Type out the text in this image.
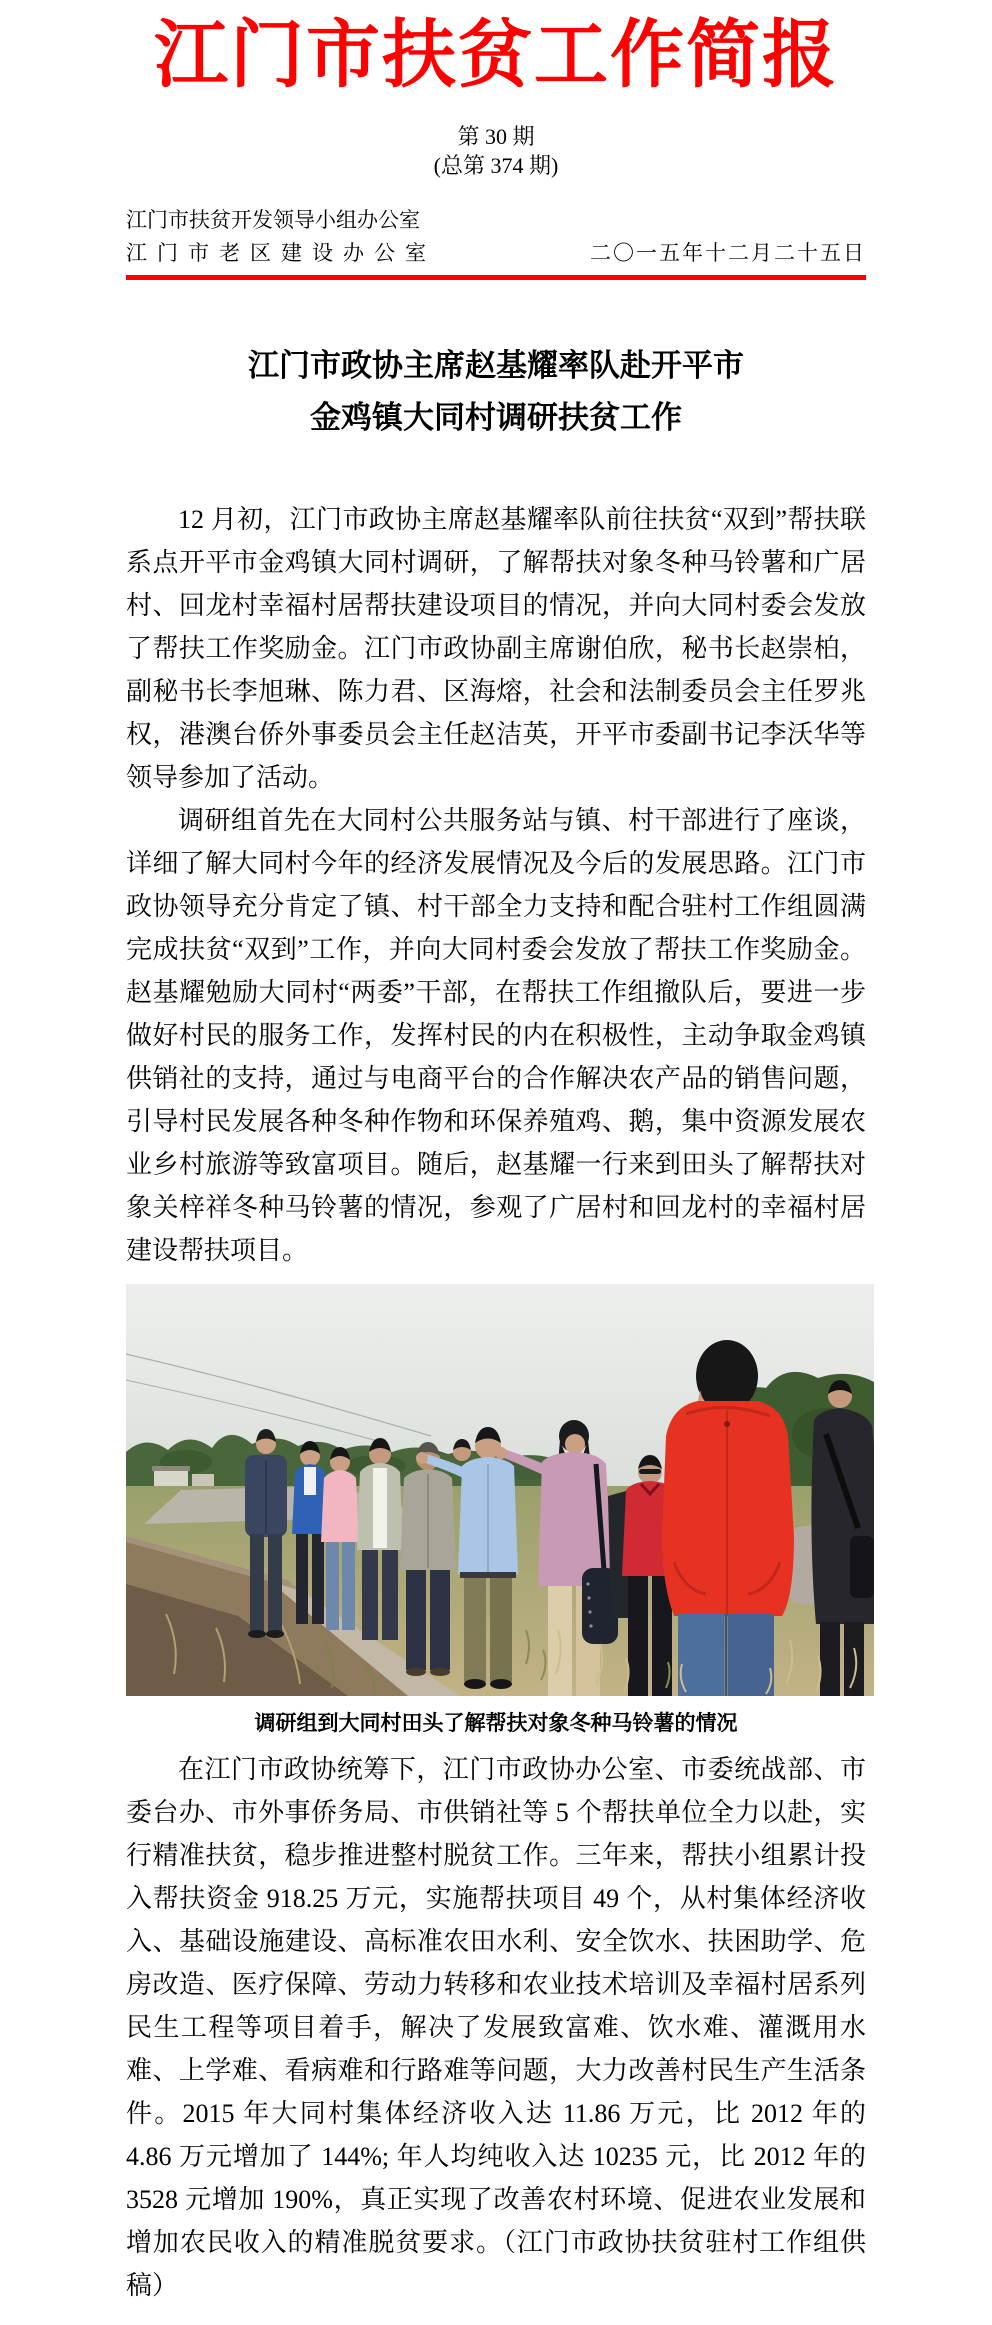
江门市扶贫工作简报
第 30 期
(总第 374 期)
江门市扶贫开发领导小组办公室
江门市老区建设办公室	二〇一五年十二月二十五日
江门市政协主席赵基耀率队赴开平市
金鸡镇大同村调研扶贫工作

12 月初，江门市政协主席赵基耀率队前往扶贫“双到”帮扶联系点开平市金鸡镇大同村调研，了解帮扶对象冬种马铃薯和广居村、回龙村幸福村居帮扶建设项目的情况，并向大同村委会发放了帮扶工作奖励金。江门市政协副主席谢伯欣，秘书长赵崇柏，副秘书长李旭琳、陈力君、区海熔，社会和法制委员会主任罗兆权，港澳台侨外事委员会主任赵洁英，开平市委副书记李沃华等领导参加了活动。

调研组首先在大同村公共服务站与镇、村干部进行了座谈，详细了解大同村今年的经济发展情况及今后的发展思路。江门市政协领导充分肯定了镇、村干部全力支持和配合驻村工作组圆满完成扶贫“双到”工作，并向大同村委会发放了帮扶工作奖励金。赵基耀勉励大同村“两委”干部，在帮扶工作组撤队后，要进一步做好村民的服务工作，发挥村民的内在积极性，主动争取金鸡镇供销社的支持，通过与电商平台的合作解决农产品的销售问题，引导村民发展各种冬种作物和环保养殖鸡、鹅，集中资源发展农业乡村旅游等致富项目。随后，赵基耀一行来到田头了解帮扶对象关梓祥冬种马铃薯的情况，参观了广居村和回龙村的幸福村居建设帮扶项目。

调研组到大同村田头了解帮扶对象冬种马铃薯的情况

在江门市政协统筹下，江门市政协办公室、市委统战部、市委台办、市外事侨务局、市供销社等 5 个帮扶单位全力以赴，实行精准扶贫，稳步推进整村脱贫工作。三年来，帮扶小组累计投入帮扶资金 918.25 万元，实施帮扶项目 49 个，从村集体经济收入、基础设施建设、高标准农田水利、安全饮水、扶困助学、危房改造、医疗保障、劳动力转移和农业技术培训及幸福村居系列民生工程等项目着手，解决了发展致富难、饮水难、灌溉用水难、上学难、看病难和行路难等问题，大力改善村民生产生活条件。2015 年大同村集体经济收入达 11.86 万元，比 2012 年的 4.86 万元增加了 144%; 年人均纯收入达 10235 元，比 2012 年的 3528 元增加 190%，真正实现了改善农村环境、促进农业发展和增加农民收入的精准脱贫要求。（江门市政协扶贫驻村工作组供稿）
